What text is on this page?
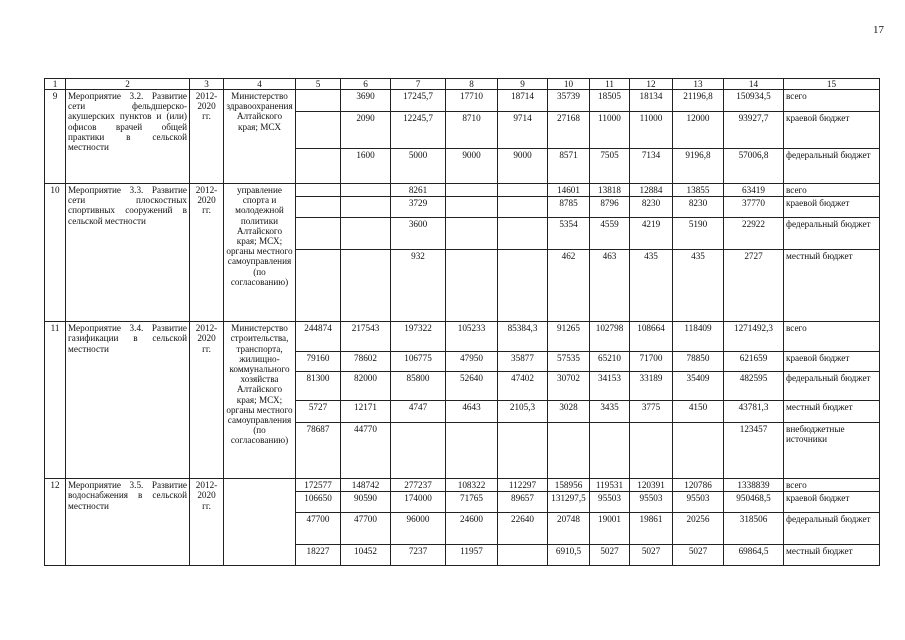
17
1	2	3	4	5	6	7	8	9	10	11	12	13	14	15
9	Мероприятие 3.2. Развитие сети фельдшерско-акушерских пунктов и (или) офисов врачей общей практики в сельской местности	2012-2020 гг.	Министерство здравоохранения Алтайского края; МСХ		3690	17245,7	17710	18714	35739	18505	18134	21196,8	150934,5	всего
					2090	12245,7	8710	9714	27168	11000	11000	12000	93927,7	краевой бюджет
					1600	5000	9000	9000	8571	7505	7134	9196,8	57006,8	федеральный бюджет
10	Мероприятие 3.3. Развитие сети плоскостных спортивных сооружений в сельской местности	2012-2020 гг.	управление спорта и молодежной политики Алтайского края; МСХ; органы местного самоуправления (по согласованию)			8261			14601	13818	12884	13855	63419	всего
						3729			8785	8796	8230	8230	37770	краевой бюджет
						3600			5354	4559	4219	5190	22922	федеральный бюджет
						932			462	463	435	435	2727	местный бюджет
11	Мероприятие 3.4. Развитие газификации в сельской местности	2012-2020 гг.	Министерство строительства, транспорта, жилищно-коммунального хозяйства Алтайского края; МСХ; органы местного самоуправления (по согласованию)	244874	217543	197322	105233	85384,3	91265	102798	108664	118409	1271492,3	всего
				79160	78602	106775	47950	35877	57535	65210	71700	78850	621659	краевой бюджет
				81300	82000	85800	52640	47402	30702	34153	33189	35409	482595	федеральный бюджет
				5727	12171	4747	4643	2105,3	3028	3435	3775	4150	43781,3	местный бюджет
				78687	44770								123457	внебюджетные источники
12	Мероприятие 3.5. Развитие водоснабжения в сельской местности	2012-2020 гг.		172577	148742	277237	108322	112297	158956	119531	120391	120786	1338839	всего
				106650	90590	174000	71765	89657	131297,5	95503	95503	95503	950468,5	краевой бюджет
				47700	47700	96000	24600	22640	20748	19001	19861	20256	318506	федеральный бюджет
				18227	10452	7237	11957		6910,5	5027	5027	5027	69864,5	местный бюджет
